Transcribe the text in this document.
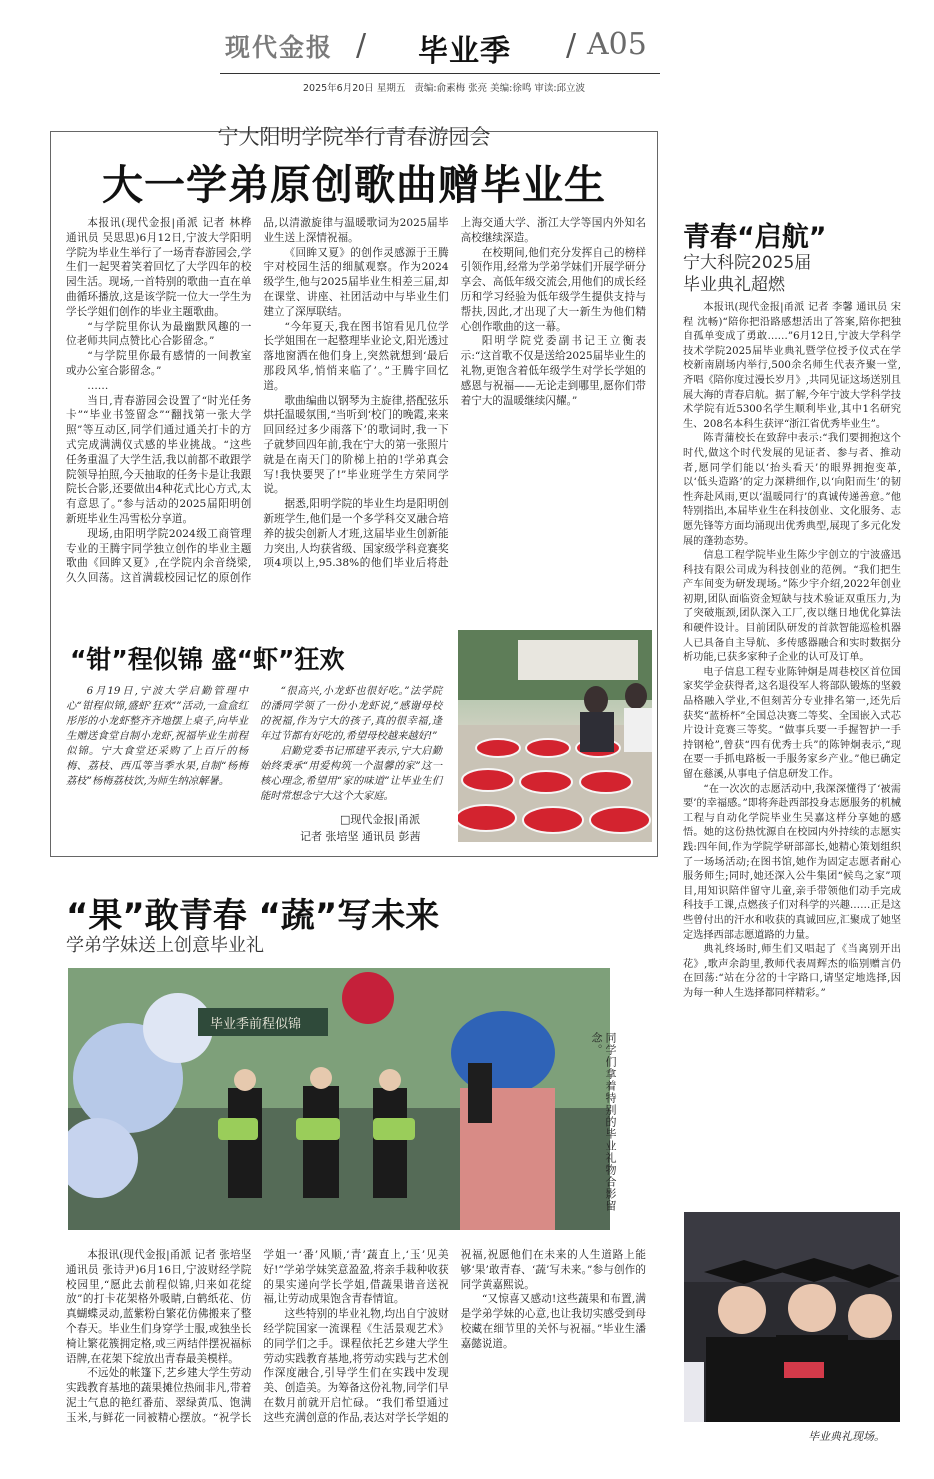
现代金报 / 毕业季 / A05
2025年6月20日 星期五   责编:俞素梅 张亮 美编:徐鸣 审读:邱立波
宁大阳明学院举行青春游园会
大一学弟原创歌曲赠毕业生

本报讯(现代金报|甬派 记者 林桦 通讯员 吴思思)6月12日,宁波大学阳明学院为毕业生举行了一场青春游园会,学生们一起哭着笑着回忆了大学四年的校园生活。现场,一首特别的歌曲一直在单曲循环播放,这是该学院一位大一学生为学长学姐们创作的毕业主题歌曲。

“与学院里你认为最幽默风趣的一位老师共同点赞比心合影留念。”

“与学院里你最有感情的一间教室或办公室合影留念。”

……

当日,青春游园会设置了“时光任务卡”“毕业书签留念”“翻找第一张大学照”等互动区,同学们通过通关打卡的方式完成满满仪式感的毕业挑战。“这些任务重温了大学生活,我以前都不敢跟学院领导拍照,今天抽取的任务卡是让我跟院长合影,还要做出4种花式比心方式,太有意思了。”参与活动的2025届阳明创新班毕业生冯雪松分享道。

现场,由阳明学院2024级工商管理专业的王腾宇同学独立创作的毕业主题歌曲《回眸又夏》,在学院内余音绕梁,久久回荡。这首满载校园记忆的原创作品,以清澈旋律与温暖歌词为2025届毕业生送上深情祝福。

《回眸又夏》的创作灵感源于王腾宇对校园生活的细腻观察。作为2024级学生,他与2025届毕业生相差三届,却在课堂、讲座、社团活动中与毕业生们建立了深厚联结。

“今年夏天,我在图书馆看见几位学长学姐围在一起整理毕业论文,阳光透过落地窗洒在他们身上,突然就想到‘最后那段风华,悄悄来临了’。”王腾宇回忆道。

歌曲编曲以钢琴为主旋律,搭配弦乐烘托温暖氛围,“当听到‘校门的晚霞,来来回回经过多少雨落下’的歌词时,我一下子就梦回四年前,我在宁大的第一张照片就是在南天门的阶梯上拍的!学弟真会写!我快要哭了!”毕业班学生方荣同学说。

据悉,阳明学院的毕业生均是阳明创新班学生,他们是一个多学科交叉融合培养的拔尖创新人才班,这届毕业生创新能力突出,人均获省级、国家级学科竞赛奖项4项以上,95.38%的他们毕业后将赴上海交通大学、浙江大学等国内外知名高校继续深造。

在校期间,他们充分发挥自己的榜样引领作用,经常为学弟学妹们开展学研分享会、高低年级交流会,用他们的成长经历和学习经验为低年级学生提供支持与帮扶,因此,才出现了大一新生为他们精心创作歌曲的这一幕。

阳明学院党委副书记王立衡表示:“这首歌不仅是送给2025届毕业生的礼物,更饱含着低年级学生对学长学姐的感恩与祝福——无论走到哪里,愿你们带着宁大的温暖继续闪耀。”

“钳”程似锦 盛“虾”狂欢

6月19日,宁波大学启勤管理中心“钳程似锦,盛虾‘狂欢’”活动,一盒盒红彤彤的小龙虾整齐齐地摆上桌子,向毕业生赠送食堂自制小龙虾,祝福毕业生前程似锦。宁大食堂还采购了上百斤的杨梅、荔枝、西瓜等当季水果,自制“杨梅荔枝”杨梅荔枝饮,为师生纳凉解暑。

“很高兴,小龙虾也很好吃。”法学院的潘同学领了一份小龙虾说,“感谢母校的祝福,作为宁大的孩子,真的很幸福,逢年过节都有好吃的,希望母校越来越好!”

启勤党委书记邢建平表示,宁大启勤始终秉承“用爱构筑一个温馨的家”这一核心理念,希望用“家的味道”让毕业生们能时常想念宁大这个大家庭。

□现代金报|甬派
记者 张培坚 通讯员 彭茜
“果”敢青春 “蔬”写未来
学弟学妹送上创意毕业礼
毕业季前程似锦
同学们拿着特别的毕业礼物合影留念。

本报讯(现代金报|甬派 记者 张培坚 通讯员 张诗尹)6月16日,宁波财经学院校园里,“愿此去前程似锦,归来如花绽放”的打卡花架格外吸睛,白鹤纸花、仿真蝴蝶灵动,蓝紫粉白繁花仿佛搬来了整个春天。毕业生们身穿学士服,或独坐长椅让繁花簇拥定格,或三两结伴摆祝福标语牌,在花架下绽放出青春最美模样。

不远处的帐篷下,艺乡建大学生劳动实践教育基地的蔬果摊位热闹非凡,带着泥土气息的艳红番茄、翠绿黄瓜、饱满玉米,与鲜花一同被精心摆放。“祝学长学姐一‘番’风顺,‘青’蔬直上,‘玉’见美好!”学弟学妹笑意盈盈,将亲手栽种收获的果实递向学长学姐,借蔬果谐音送祝福,让劳动成果饱含青春情谊。

这些特别的毕业礼物,均出自宁波财经学院国家一流课程《生活景观艺术》的同学们之手。课程依托艺乡建大学生劳动实践教育基地,将劳动实践与艺术创作深度融合,引导学生们在实践中发现美、创造美。为筹备这份礼物,同学们早在数月前就开启忙碌。“我们希望通过这些充满创意的作品,表达对学长学姐的祝福,祝愿他们在未来的人生道路上能够‘果’敢青春、‘蔬’写未来。”参与创作的同学黄嘉熙说。

“又惊喜又感动!这些蔬果和布置,满是学弟学妹的心意,也让我切实感受到母校藏在细节里的关怀与祝福。”毕业生潘嘉懿说道。

青春“启航”
宁大科院2025届
毕业典礼超燃

本报讯(现代金报|甬派 记者 李馨 通讯员 宋程 沈畅)“陪你把沿路感想活出了答案,陪你把独自孤单变成了勇敢……”6月12日,宁波大学科学技术学院2025届毕业典礼暨学位授予仪式在学校新南剧场内举行,500余名师生代表齐聚一堂,齐唱《陪你度过漫长岁月》,共同见证这场送别且展大海的青春启航。据了解,今年宁波大学科学技术学院有近5300名学生顺利毕业,其中1名研究生、208名本科生获评“浙江省优秀毕业生”。

陈青蒲校长在致辞中表示:“我们要拥抱这个时代,做这个时代发展的见证者、参与者、推动者,愿同学们能以‘抬头看天’的眼界拥抱变革,以‘低头造路’的定力深耕细作,以‘向阳而生’的韧性奔赴风雨,更以‘温暖同行’的真诚传递善意。”他特别指出,本届毕业生在科技创业、文化服务、志愿先锋等方面均涌现出优秀典型,展现了多元化发展的蓬勃态势。

信息工程学院毕业生陈少宇创立的宁波盛迅科技有限公司成为科技创业的范例。“我们把生产车间变为研发现场。”陈少宇介绍,2022年创业初期,团队面临资金短缺与技术验证双重压力,为了突破瓶颈,团队深入工厂,夜以继日地优化算法和硬件设计。目前团队研发的首款智能巡检机器人已具备自主导航、多传感器融合和实时数据分析功能,已获多家种子企业的认可及订单。

电子信息工程专业陈钟炯是周巷校区首位国家奖学金获得者,这名退役军人将部队锻炼的坚毅品格融入学业,不但刻苦分专业排名第一,还先后获奖“蓝桥杯”全国总决赛二等奖、全国嵌入式芯片设计竞赛三等奖。“做事兵要一手握智护一手持钢枪”,曾获“四有优秀士兵”的陈钟炯表示,“现在要一手抓电路板一手服务家乡产业。”他已确定留在慈溪,从事电子信息研发工作。

“在一次次的志愿活动中,我深深懂得了‘被需要’的幸福感。”即将奔赴西部投身志愿服务的机械工程与自动化学院毕业生吴嘉这样分享她的感悟。她的这份热忱源自在校园内外持续的志愿实践:四年间,作为学院学研部部长,她精心策划组织了一场场活动;在图书馆,她作为固定志愿者耐心服务师生;同时,她还深入公牛集团“候鸟之家”项目,用知识陪伴留守儿童,亲手带领他们动手完成科技手工课,点燃孩子们对科学的兴趣……正是这些曾付出的汗水和收获的真诚回应,汇聚成了她坚定选择西部志愿道路的力量。

典礼终场时,师生们又唱起了《当离别开出花》,歌声余韵里,教师代表周辉杰的临别赠言仍在回荡:“站在分岔的十字路口,请坚定地选择,因为每一种人生选择都同样精彩。”

毕业典礼现场。
